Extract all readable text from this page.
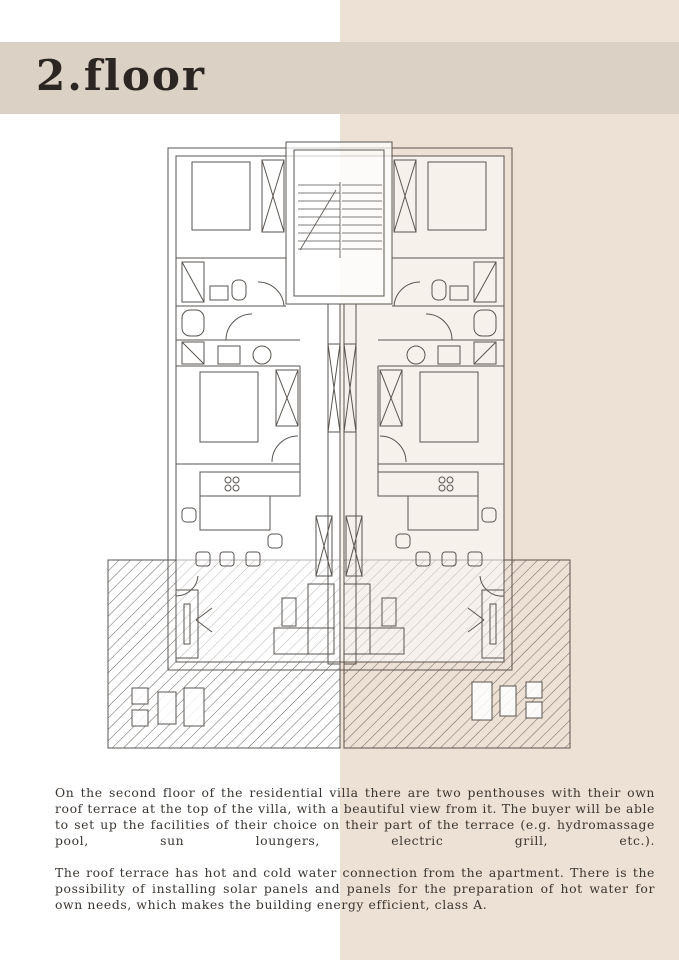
2.floor

On the second floor of the residential villa there are two penthouses with their own roof terrace at the top of the villa, with a beautiful view from it. The buyer will be able to set up the facilities of their choice on their part of the terrace (e.g. hydromassage pool, sun loungers, electric grill, etc.).

The roof terrace has hot and cold water connection from the apartment. There is the possibility of installing solar panels and panels for the preparation of hot water for own needs, which makes the building energy efficient, class A.
